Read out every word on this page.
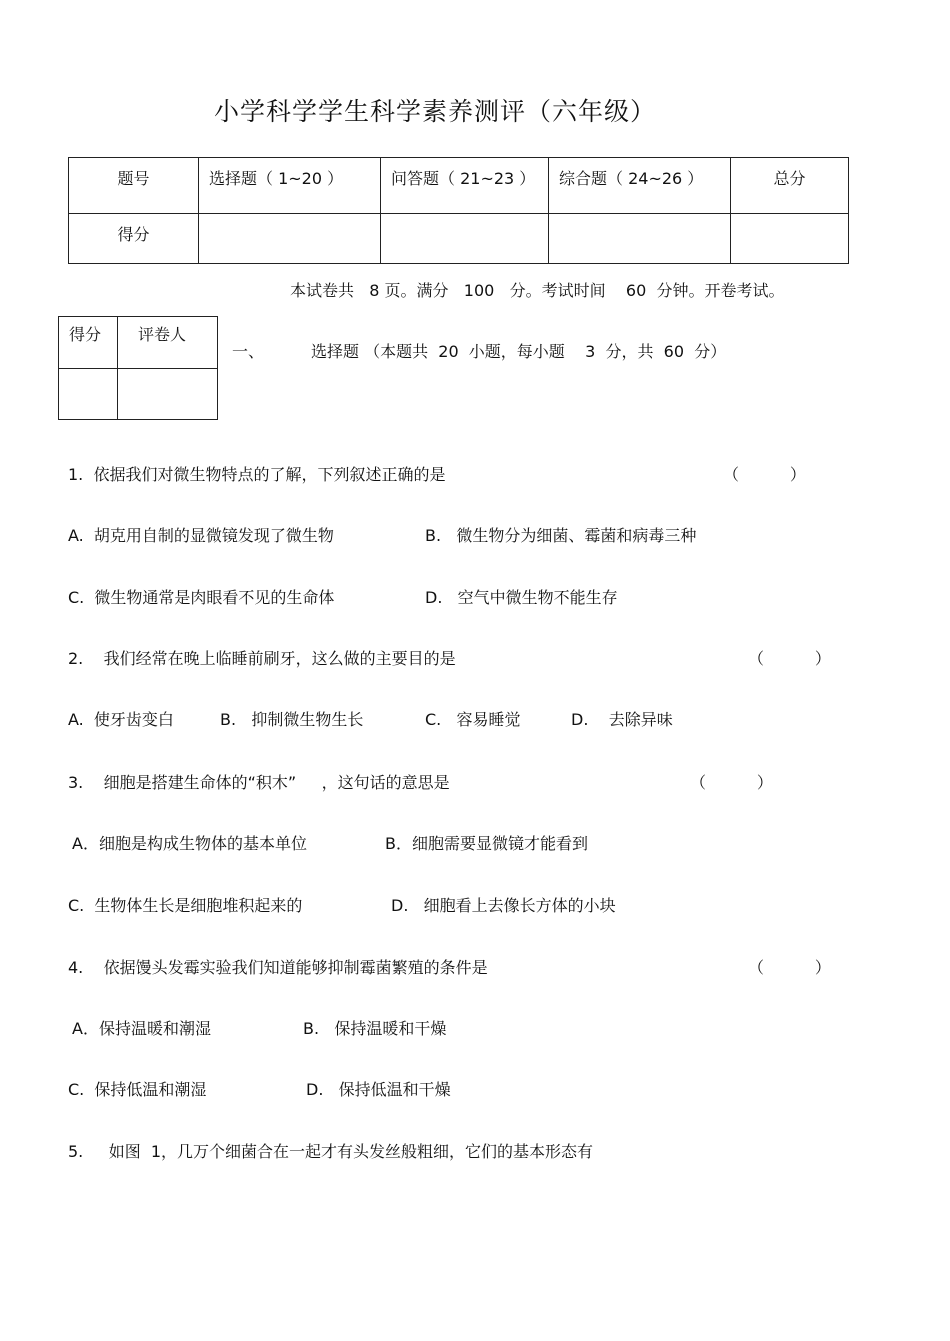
小学科学学生科学素养测评（六年级）
题号	选择题（ 1~20 ）	问答题（ 21~23 ）	综合题（ 24~26 ）	总分
得分				
本试卷共   8 页。满分   100   分。考试时间    60  分钟。开卷考试。
得分	评卷人

一、	选择题 （本题共  20  小题，每小题    3  分，共  60  分）
1.  依据我们对微生物特点的了解，下列叙述正确的是	（          ）
A.  胡克用自制的显微镜发现了微生物	B.   微生物分为细菌、霉菌和病毒三种
C.  微生物通常是肉眼看不见的生命体	D.   空气中微生物不能生存
2.    我们经常在晚上临睡前刷牙，这么做的主要目的是	（          ）
A.  使牙齿变白	B.   抑制微生物生长	C.   容易睡觉	D.    去除异味
3.    细胞是搭建生命体的“积木”     ，这句话的意思是	（          ）
A．细胞是构成生物体的基本单位	B．细胞需要显微镜才能看到
C.  生物体生长是细胞堆积起来的	D.   细胞看上去像长方体的小块
4.    依据馒头发霉实验我们知道能够抑制霉菌繁殖的条件是	（          ）
A．保持温暖和潮湿	B.   保持温暖和干燥
C.  保持低温和潮湿	D.   保持低温和干燥
5.     如图  1，几万个细菌合在一起才有头发丝般粗细，它们的基本形态有
